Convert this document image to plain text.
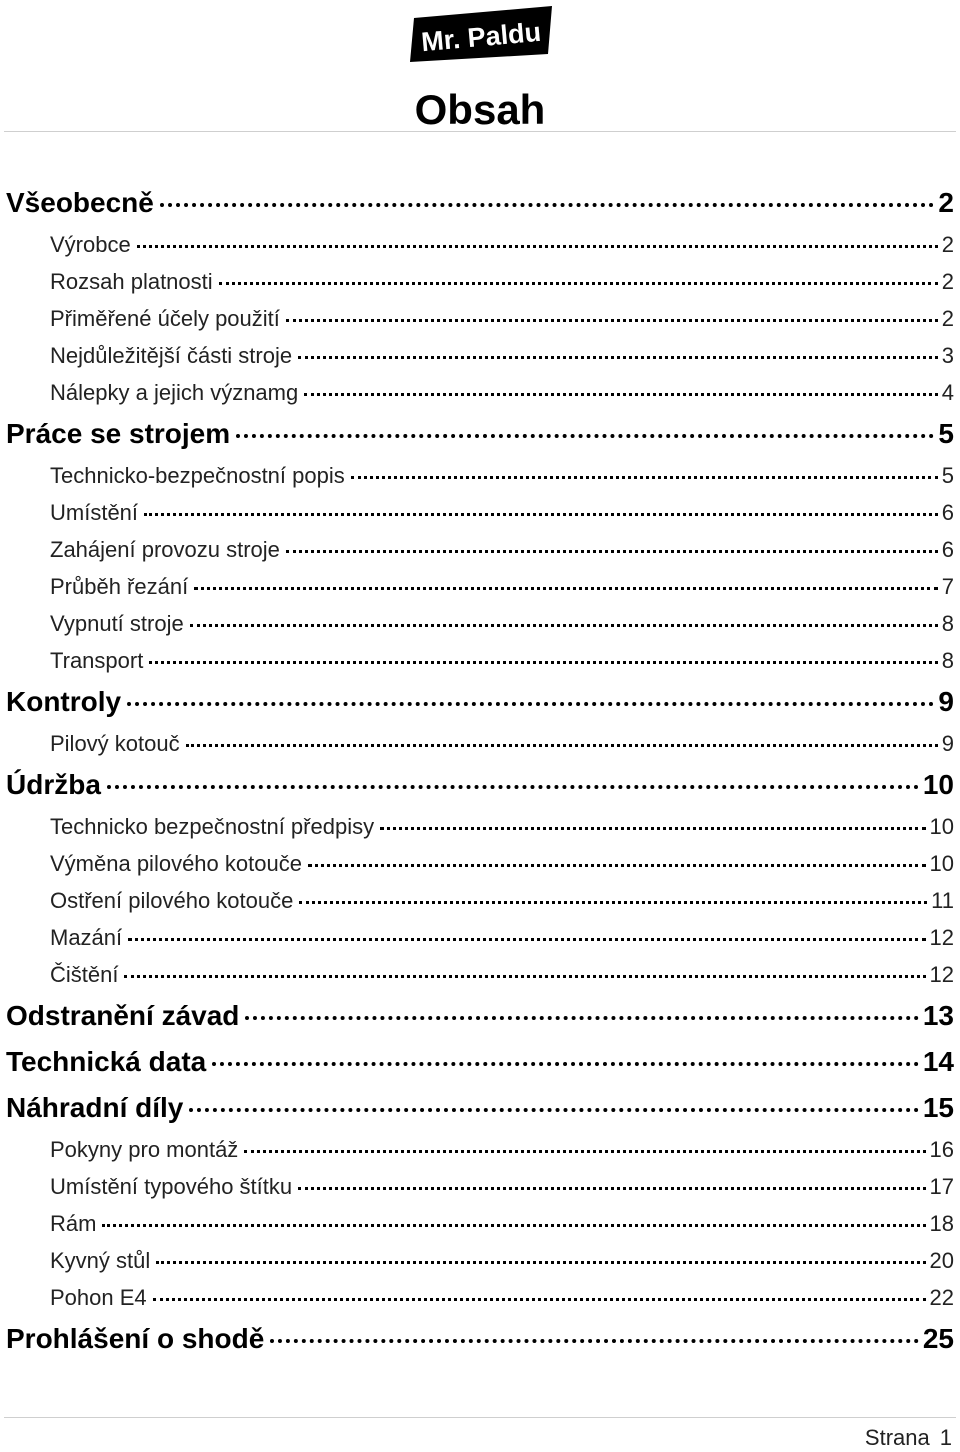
Mr. Paldu
Obsah
Všeobecně	2
Výrobce	2
Rozsah platnosti	2
Přiměřené účely použití	2
Nejdůležitější části stroje	3
Nálepky a jejich významg	4
Práce se strojem	5
Technicko-bezpečnostní popis	5
Umístění	6
Zahájení provozu stroje	6
Průběh řezání	7
Vypnutí stroje	8
Transport	8
Kontroly	9
Pilový kotouč	9
Údržba	10
Technicko bezpečnostní předpisy	10
Výměna pilového kotouče	10
Ostření pilového kotouče	11
Mazání	12
Čištění	12
Odstranění závad	13
Technická data	14
Náhradní díly	15
Pokyny pro montáž	16
Umístění typového štítku	17
Rám	18
Kyvný stůl	20
Pohon E4	22
Prohlášení o shodě	25
Strana 1
